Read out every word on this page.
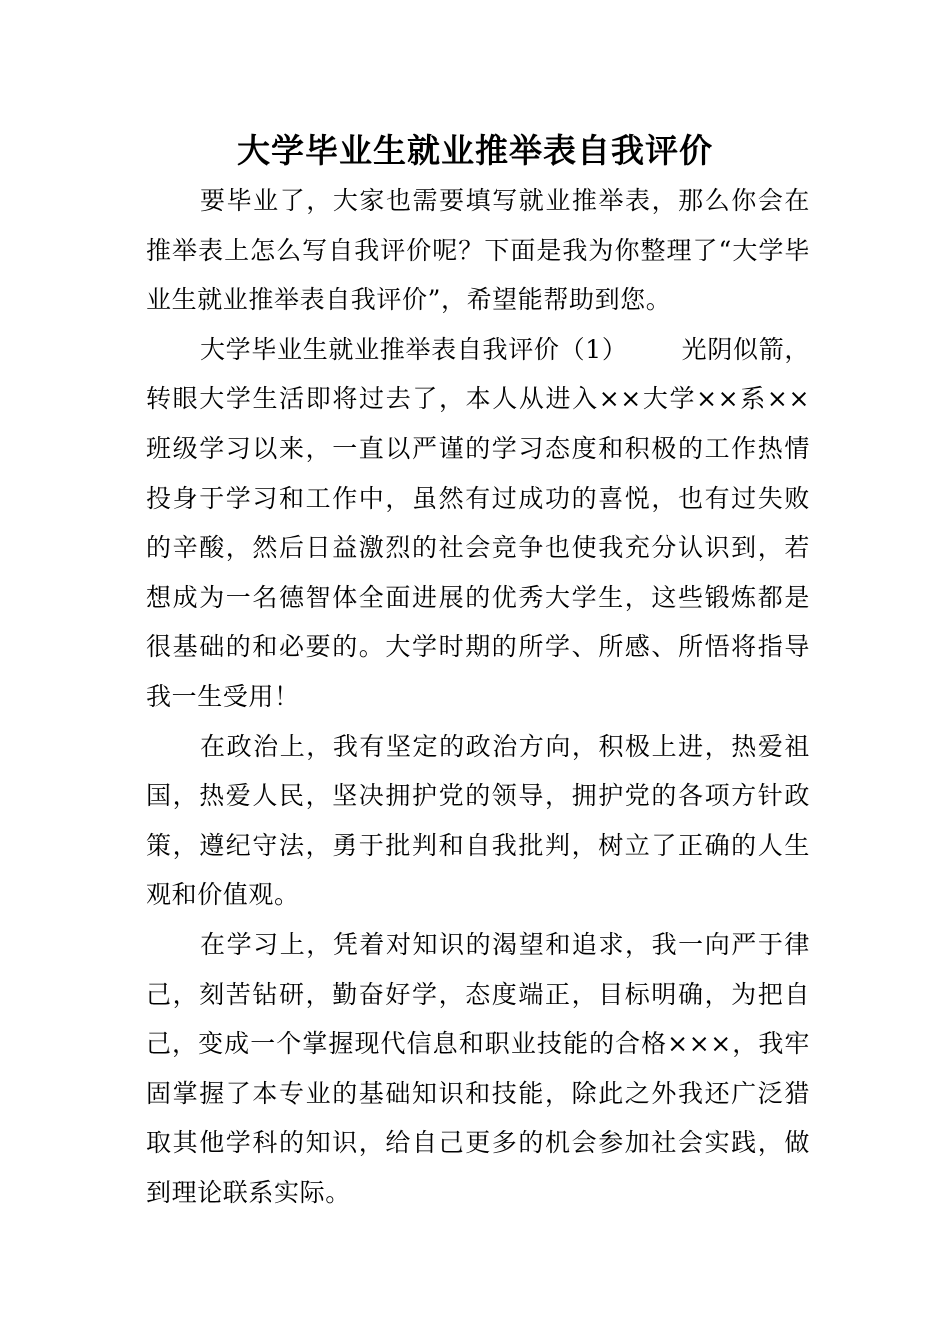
大学毕业生就业推举表自我评价

要毕业了，大家也需要填写就业推举表，那么你会在推举表上怎么写自我评价呢？下面是我为你整理了“大学毕业生就业推举表自我评价”，希望能帮助到您。

大学毕业生就业推举表自我评价（1） 光阴似箭，转眼大学生活即将过去了，本人从进入××大学××系××班级学习以来，一直以严谨的学习态度和积极的工作热情投身于学习和工作中，虽然有过成功的喜悦，也有过失败的辛酸，然后日益激烈的社会竞争也使我充分认识到，若想成为一名德智体全面进展的优秀大学生，这些锻炼都是很基础的和必要的。大学时期的所学、所感、所悟将指导我一生受用！

在政治上，我有坚定的政治方向，积极上进，热爱祖国，热爱人民，坚决拥护党的领导，拥护党的各项方针政策，遵纪守法，勇于批判和自我批判，树立了正确的人生观和价值观。

在学习上，凭着对知识的渴望和追求，我一向严于律己，刻苦钻研，勤奋好学，态度端正，目标明确，为把自己，变成一个掌握现代信息和职业技能的合格×××，我牢固掌握了本专业的基础知识和技能，除此之外我还广泛猎取其他学科的知识，给自己更多的机会参加社会实践，做到理论联系实际。
